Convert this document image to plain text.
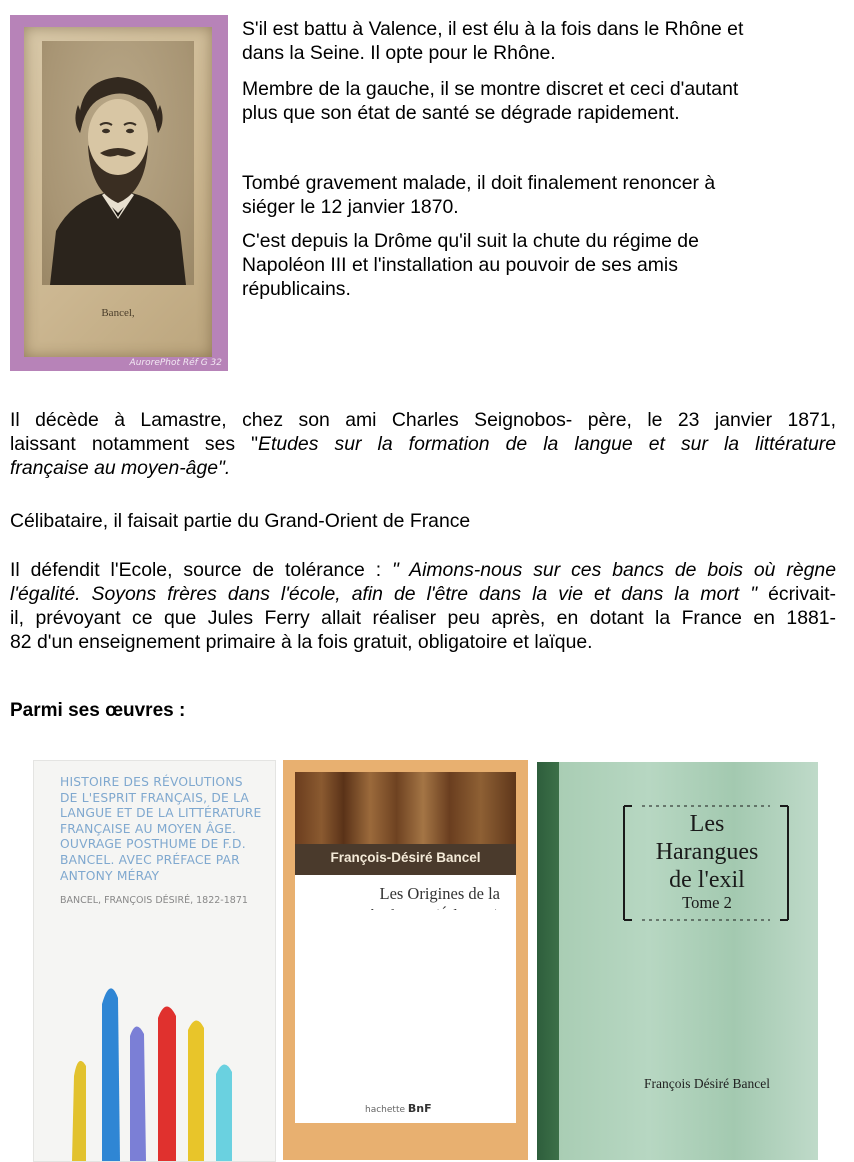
Bancel,
AurorePhot Réf G 32

S'il est battu à Valence, il est élu à la fois dans le Rhône et
dans la Seine. Il opte pour le Rhône.

Membre de la gauche, il se montre discret et ceci d'autant
plus que son état de santé se dégrade rapidement.

Tombé gravement malade, il doit finalement renoncer à
siéger le 12 janvier 1870.

C'est depuis la Drôme qu'il suit la chute du régime de
Napoléon III et l'installation au pouvoir de ses amis
républicains.

Il décède à Lamastre, chez son ami Charles Seignobos- père, le 23 janvier 1871,
laissant notamment ses "Etudes sur la formation de la langue et sur la littérature
française au moyen-âge".

Célibataire, il faisait partie du Grand-Orient de France

Il défendit l'Ecole, source de tolérance : " Aimons-nous sur ces bancs de bois où règne
l'égalité. Soyons frères dans l'école, afin de l'être dans la vie et dans la mort " écrivait-
il, prévoyant ce que Jules Ferry allait réaliser peu après, en dotant la France en 1881-
82 d'un enseignement primaire à la fois gratuit, obligatoire et laïque.

Parmi ses œuvres :
HISTOIRE DES RÉVOLUTIONS
DE L'ESPRIT FRANÇAIS, DE LA
LANGUE ET DE LA LITTÉRATURE
FRANÇAISE AU MOYEN ÂGE.
OUVRAGE POSTHUME DE F.D.
BANCEL. AVEC PRÉFACE PAR
ANTONY MÉRAY
BANCEL, FRANÇOIS DÉSIRÉ, 1822-1871
François-Désiré Bancel
Les Origines de la
hachette BnF
Les
Harangues
de l'exil
Tome 2
François Désiré Bancel
